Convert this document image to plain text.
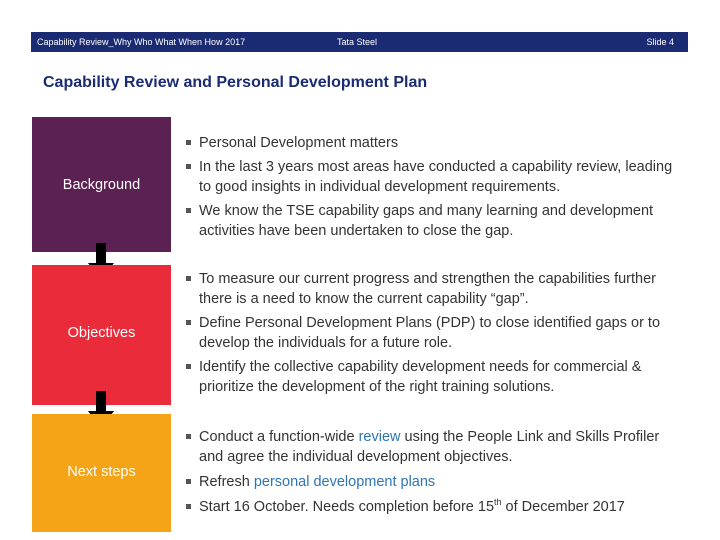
Capability Review_Why Who What When How 2017	Tata Steel	Slide 4
Capability Review and Personal Development Plan
Background
Objectives
Next steps
Personal Development matters
In the last 3 years most areas have conducted a capability review, leading to good insights in individual development requirements.
We know the TSE capability gaps and many learning and development activities have been undertaken to close the gap.
To measure our current progress and strengthen the capabilities further there is a need to know the current capability “gap”.
Define Personal Development Plans (PDP) to close identified gaps or to develop the individuals for a future role.
Identify the collective capability development needs for commercial & prioritize the development of the right training solutions.
Conduct a function-wide review using the People Link and Skills Profiler and agree the individual development objectives.
Refresh personal development plans
Start 16 October. Needs completion before 15th of December 2017
